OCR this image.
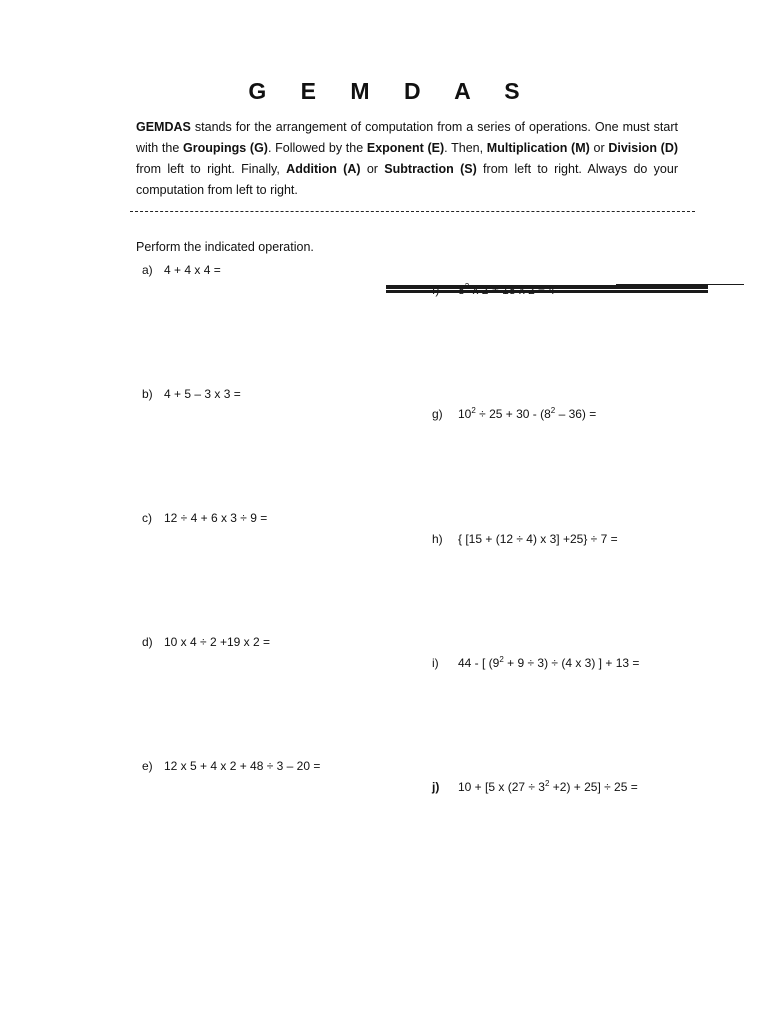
G E M D A S
GEMDAS stands for the arrangement of computation from a series of operations. One must start with the Groupings (G). Followed by the Exponent (E). Then, Multiplication (M) or Division (D) from left to right. Finally, Addition (A) or Subtraction (S) from left to right. Always do your computation from left to right.
Perform the indicated operation.
a) 4 + 4 x 4 =
b) 4 + 5 – 3 x 3 =
c) 12 ÷ 4 + 6 x 3 ÷ 9 =
d) 10 x 4 ÷ 2 +19 x 2 =
e) 12 x 5 + 4 x 2 + 48 ÷ 3 – 20 =
g) $10^2 \div 25 + 30 - (8^2 - 36)$ =
h) { [15 + (12 ÷ 4) x 3] +25} ÷ 7 =
i) 44 - [ $(9^2 + 9 \div 3) \div (4$ x 3) ] + 13 =
j) 10 + [5 x $(27 \div 3^2 +2) + 25] \div 25$ =
